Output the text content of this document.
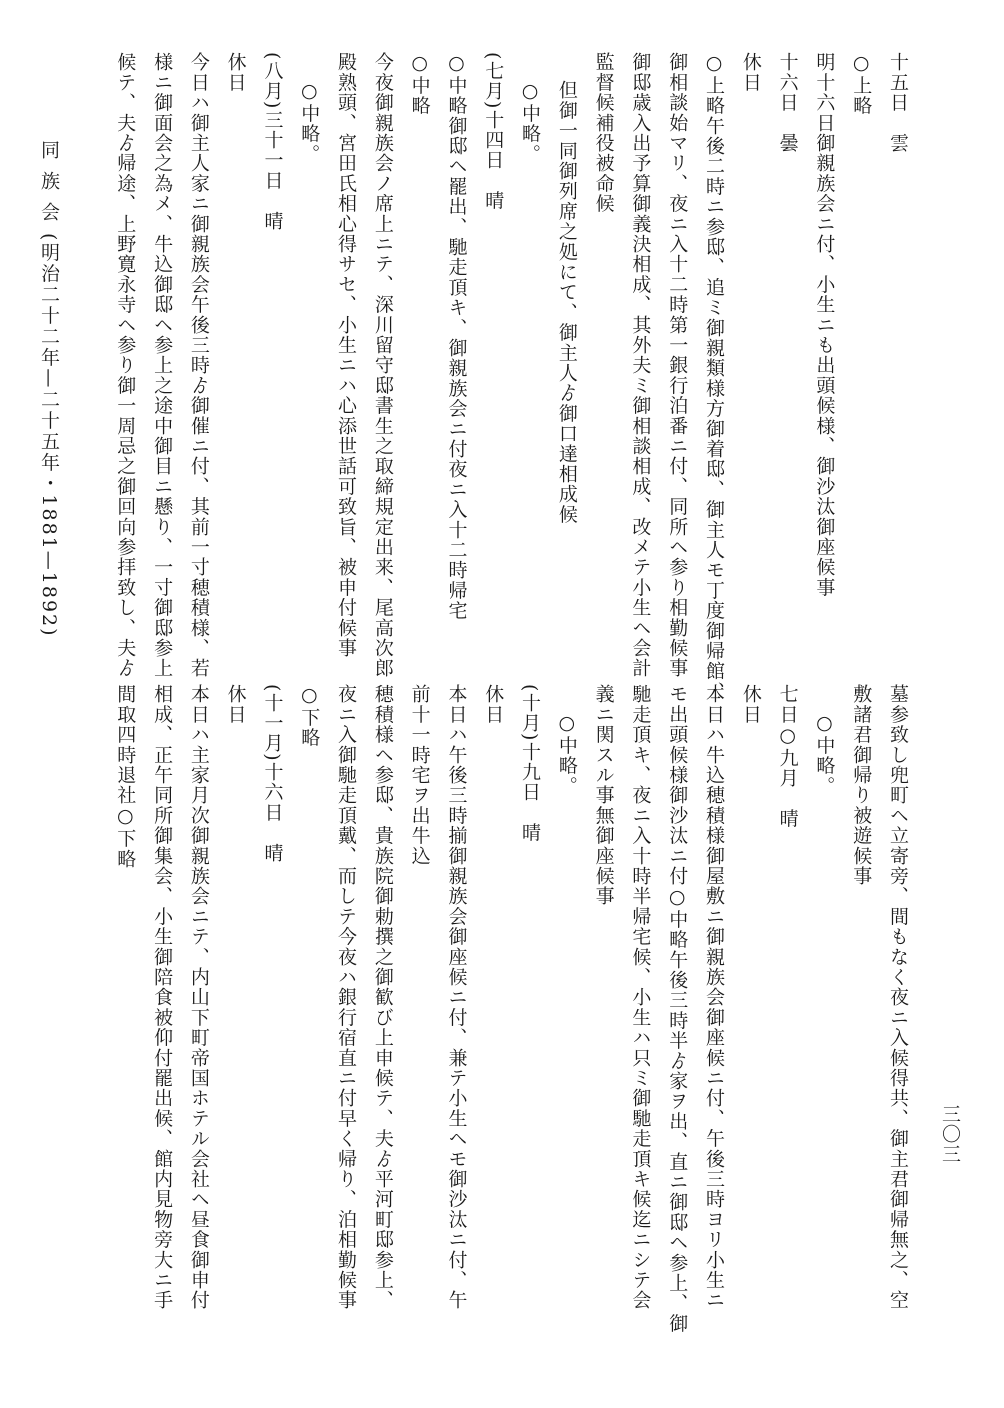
十五日　雲
○上略
明十六日御親族会ニ付、小生ニも出頭候様、御沙汰御座候事
十六日　曇
休日
○上略午後二時ニ参邸、追ミ御親類様方御着邸、御主人モ丁度御帰館、
御相談始マリ、夜ニ入十二時第一銀行泊番ニ付、同所ヘ参り相勤候事
御邸歳入出予算御義決相成、其外夫ミ御相談相成、改メテ小生ヘ会計
監督候補役被命候
但御一同御列席之処にて、御主人ゟ御口達相成候
○中略。
(七月)十四日　晴
○中略御邸ヘ罷出、馳走頂キ、御親族会ニ付夜ニ入十二時帰宅
○中略
今夜御親族会ノ席上ニテ、深川留守邸書生之取締規定出来、尾高次郎
殿熟頭、宮田氏相心得サセ、小生ニハ心添世話可致旨、被申付候事
○中略。
(八月)三十一日　晴
休日
今日ハ御主人家ニ御親族会午後三時ゟ御催ニ付、其前一寸穂積様、若
様ニ御面会之為メ、牛込御邸ヘ参上之途中御目ニ懸り、一寸御邸参上
候テ、夫ゟ帰途、上野寛永寺ヘ参り御一周忌之御回向参拝致し、夫ゟ
墓参致し兜町ヘ立寄旁、間もなく夜ニ入候得共、御主君御帰無之、空
敷諸君御帰り被遊候事
○中略。
七日○九月　晴
休日
本日ハ牛込穂積様御屋敷ニ御親族会御座候ニ付、午後三時ヨリ小生ニ
モ出頭候様御沙汰ニ付○中略午後三時半ゟ家ヲ出、直ニ御邸ヘ参上、御
馳走頂キ、夜ニ入十時半帰宅候、小生ハ只ミ御馳走頂キ候迄ニシテ会
義ニ関スル事無御座候事
○中略。
(十月)十九日　晴
休日
本日ハ午後三時揃御親族会御座候ニ付、兼テ小生ヘモ御沙汰ニ付、午
前十一時宅ヲ出牛込
穂積様ヘ参邸、貴族院御勅撰之御歓び上申候テ、夫ゟ平河町邸参上、
夜ニ入御馳走頂戴、而しテ今夜ハ銀行宿直ニ付早く帰り、泊相勤候事
○下略
(十一月)十六日　晴
休日
本日ハ主家月次御親族会ニテ、内山下町帝国ホテル会社ヘ昼食御申付
相成、正午同所御集会、小生御陪食被仰付罷出候、館内見物旁大ニ手
間取四時退社○下略
同族会(明治二十二年—二十五年・1881—1892)
三〇三
